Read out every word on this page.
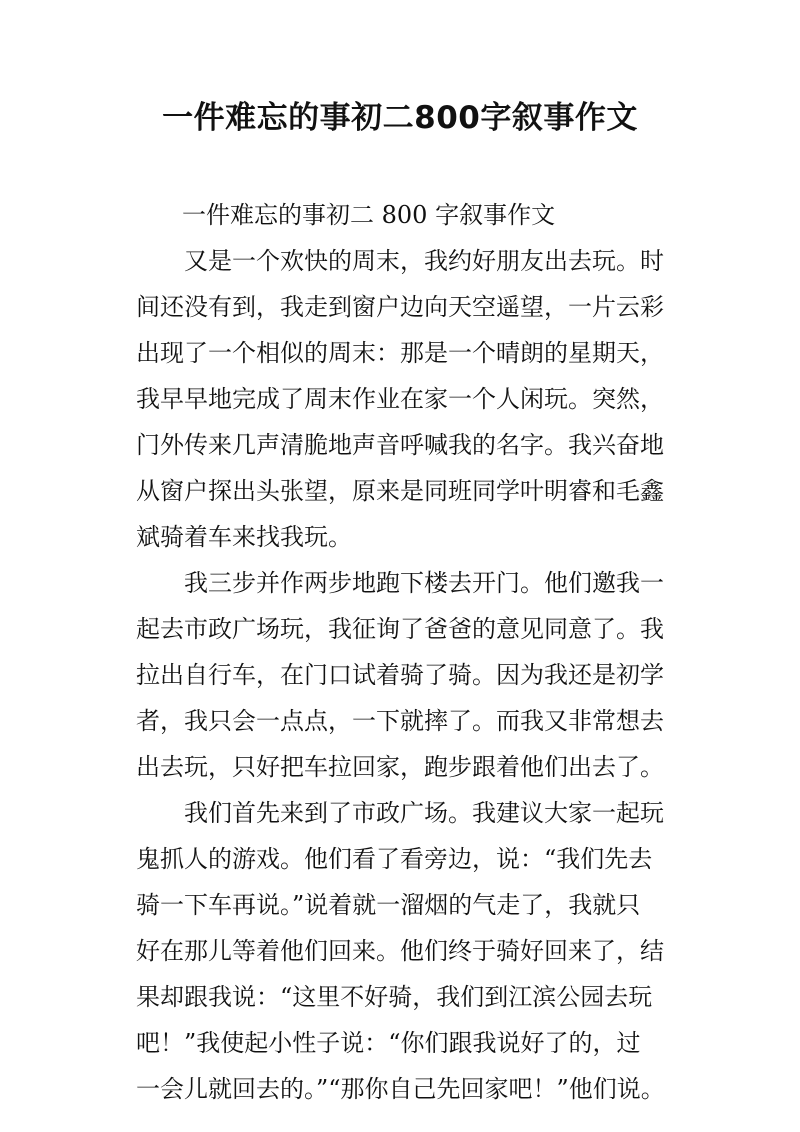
一件难忘的事初二800字叙事作文

一件难忘的事初二 800 字叙事作文

又是一个欢快的周末，我约好朋友出去玩。时
间还没有到，我走到窗户边向天空遥望，一片云彩
出现了一个相似的周末：那是一个晴朗的星期天，
我早早地完成了周末作业在家一个人闲玩。突然，
门外传来几声清脆地声音呼喊我的名字。我兴奋地
从窗户探出头张望，原来是同班同学叶明睿和毛鑫
斌骑着车来找我玩。

我三步并作两步地跑下楼去开门。他们邀我一
起去市政广场玩，我征询了爸爸的意见同意了。我
拉出自行车，在门口试着骑了骑。因为我还是初学
者，我只会一点点，一下就摔了。而我又非常想去
出去玩，只好把车拉回家，跑步跟着他们出去了。

我们首先来到了市政广场。我建议大家一起玩
鬼抓人的游戏。他们看了看旁边，说：“我们先去
骑一下车再说。”说着就一溜烟的气走了，我就只
好在那儿等着他们回来。他们终于骑好回来了，结
果却跟我说：“这里不好骑，我们到江滨公园去玩
吧！”我使起小性子说：“你们跟我说好了的，过
一会儿就回去的。”“那你自己先回家吧！”他们说。
